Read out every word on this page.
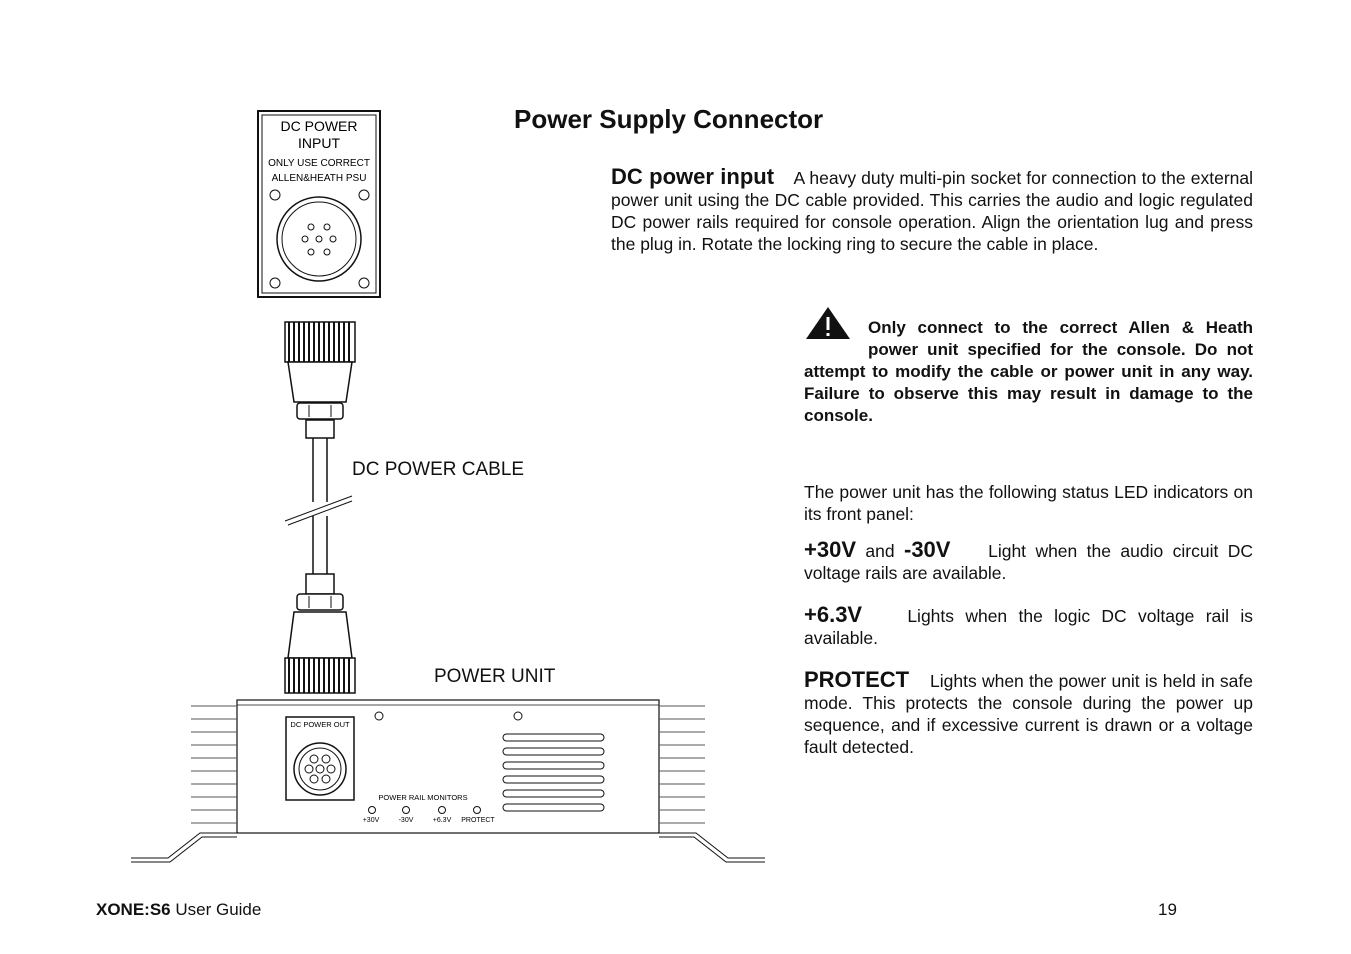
DC POWER
INPUT
ONLY USE CORRECT
ALLEN&HEATH PSU
DC POWER OUT
POWER RAIL MONITORS
+30V	-30V	+6.3V PROTECT
DC POWER CABLE
POWER UNIT
Power Supply Connector
DC power input A heavy duty multi-pin socket for connection to the external power unit using the DC cable provided. This carries the audio and logic regulated DC power rails required for console operation. Align the orientation lug and press the plug in. Rotate the locking ring to secure the cable in place.
Only connect to the correct Allen & Heath power unit specified for the console. Do not attempt to modify the cable or power unit in any way. Failure to observe this may result in damage to the console.
The power unit has the following status LED indicators on its front panel:
+30V and -30V Light when the audio circuit DC voltage rails are available.
+6.3V	Lights when the logic DC voltage rail is available.
PROTECT Lights when the power unit is held in safe mode. This protects the console during the power up sequence, and if excessive current is drawn or a voltage fault detected.
XONE:S6 User Guide	19
